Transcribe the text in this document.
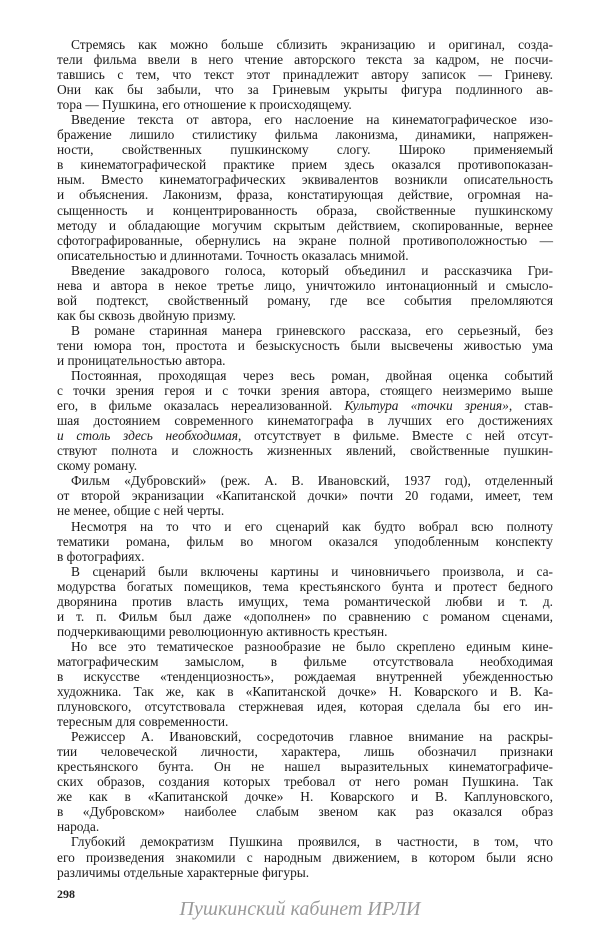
Стремясь как можно больше сблизить экранизацию и оригинал, созда-
тели фильма ввели в него чтение авторского текста за кадром, не посчи-
тавшись с тем, что текст этот принадлежит автору записок — Гриневу.
Они как бы забыли, что за Гриневым укрыты фигура подлинного ав-
тора — Пушкина, его отношение к происходящему.
Введение текста от автора, его наслоение на кинематографическое изо-
бражение лишило стилистику фильма лаконизма, динамики, напряжен-
ности, свойственных пушкинскому слогу. Широко применяемый
в кинематографической практике прием здесь оказался противопоказан-
ным. Вместо кинематографических эквивалентов возникли описательность
и объяснения. Лаконизм, фраза, констатирующая действие, огромная на-
сыщенность и концентрированность образа, свойственные пушкинскому
методу и обладающие могучим скрытым действием, скопированные, вернее
сфотографированные, обернулись на экране полной противоположностью —
описательностью и длиннотами. Точность оказалась мнимой.
Введение закадрового голоса, который объединил и рассказчика Гри-
нева и автора в некое третье лицо, уничтожило интонационный и смысло-
вой подтекст, свойственный роману, где все события преломляются
как бы сквозь двойную призму.
В романе старинная манера гриневского рассказа, его серьезный, без
тени юмора тон, простота и безыскусность были высвечены живостью ума
и проницательностью автора.
Постоянная, проходящая через весь роман, двойная оценка событий
с точки зрения героя и с точки зрения автора, стоящего неизмеримо выше
его, в фильме оказалась нереализованной. Культура «точки зрения», став-
шая достоянием современного кинематографа в лучших его достижениях
и столь здесь необходимая, отсутствует в фильме. Вместе с ней отсут-
ствуют полнота и сложность жизненных явлений, свойственные пушкин-
скому роману.
Фильм «Дубровский» (реж. А. В. Ивановский, 1937 год), отделенный
от второй экранизации «Капитанской дочки» почти 20 годами, имеет, тем
не менее, общие с ней черты.
Несмотря на то что и его сценарий как будто вобрал всю полноту
тематики романа, фильм во многом оказался уподобленным конспекту
в фотографиях.
В сценарий были включены картины и чиновничьего произвола, и са-
модурства богатых помещиков, тема крестьянского бунта и протест бедного
дворянина против власть имущих, тема романтической любви и т. д.
и т. п. Фильм был даже «дополнен» по сравнению с романом сценами,
подчеркивающими революционную активность крестьян.
Но все это тематическое разнообразие не было скреплено единым кине-
матографическим замыслом, в фильме отсутствовала необходимая
в искусстве «тенденциозность», рождаемая внутренней убежденностью
художника. Так же, как в «Капитанской дочке» Н. Коварского и В. Ка-
плуновского, отсутствовала стержневая идея, которая сделала бы его ин-
тересным для современности.
Режиссер А. Ивановский, сосредоточив главное внимание на раскры-
тии человеческой личности, характера, лишь обозначил признаки
крестьянского бунта. Он не нашел выразительных кинематографиче-
ских образов, создания которых требовал от него роман Пушкина. Так
же как в «Капитанской дочке» Н. Коварского и В. Каплуновского,
в «Дубровском» наиболее слабым звеном как раз оказался образ
народа.
Глубокий демократизм Пушкина проявился, в частности, в том, что
его произведения знакомили с народным движением, в котором были ясно
различимы отдельные характерные фигуры.
298
Пушкинский кабинет ИРЛИ
